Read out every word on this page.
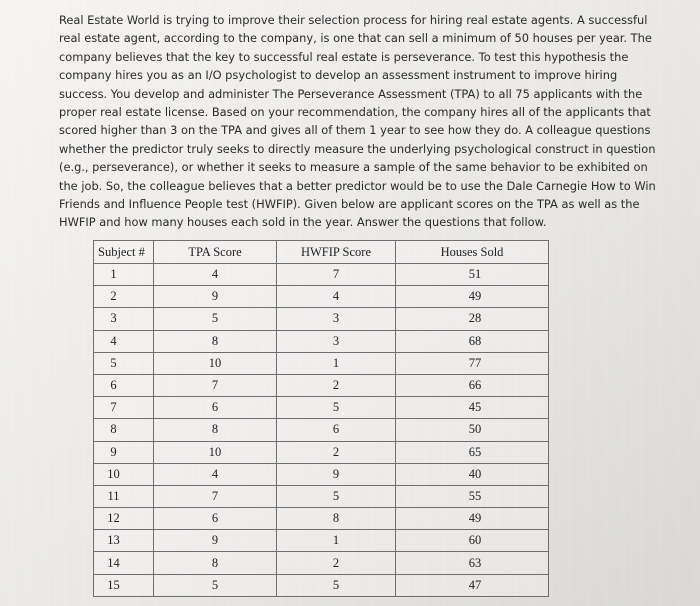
Real Estate World is trying to improve their selection process for hiring real estate agents. A successful real estate agent, according to the company, is one that can sell a minimum of 50 houses per year. The company believes that the key to successful real estate is perseverance. To test this hypothesis the company hires you as an I/O psychologist to develop an assessment instrument to improve hiring success. You develop and administer The Perseverance Assessment (TPA) to all 75 applicants with the proper real estate license. Based on your recommendation, the company hires all of the applicants that scored higher than 3 on the TPA and gives all of them 1 year to see how they do. A colleague questions whether the predictor truly seeks to directly measure the underlying psychological construct in question (e.g., perseverance), or whether it seeks to measure a sample of the same behavior to be exhibited on the job. So, the colleague believes that a better predictor would be to use the Dale Carnegie How to Win Friends and Influence People test (HWFIP). Given below are applicant scores on the TPA as well as the HWFIP and how many houses each sold in the year. Answer the questions that follow.

Subject #	TPA Score	HWFIP Score	Houses Sold
1	4	7	51
2	9	4	49
3	5	3	28
4	8	3	68
5	10	1	77
6	7	2	66
7	6	5	45
8	8	6	50
9	10	2	65
10	4	9	40
11	7	5	55
12	6	8	49
13	9	1	60
14	8	2	63
15	5	5	47
